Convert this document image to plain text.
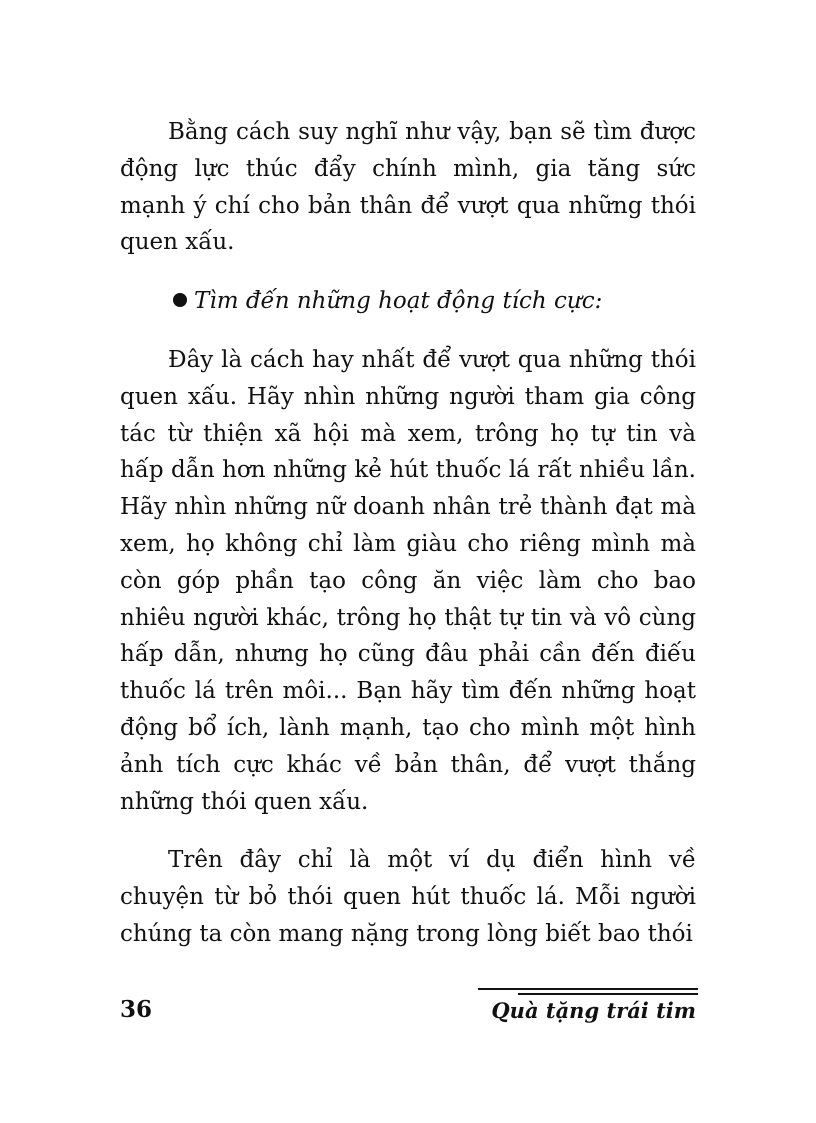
Bằng cách suy nghĩ như vậy, bạn sẽ tìm được động lực thúc đẩy chính mình, gia tăng sức mạnh ý chí cho bản thân để vượt qua những thói quen xấu.

Tìm đến những hoạt động tích cực:

Đây là cách hay nhất để vượt qua những thói quen xấu. Hãy nhìn những người tham gia công tác từ thiện xã hội mà xem, trông họ tự tin và hấp dẫn hơn những kẻ hút thuốc lá rất nhiều lần. Hãy nhìn những nữ doanh nhân trẻ thành đạt mà xem, họ không chỉ làm giàu cho riêng mình mà còn góp phần tạo công ăn việc làm cho bao nhiêu người khác, trông họ thật tự tin và vô cùng hấp dẫn, nhưng họ cũng đâu phải cần đến điếu thuốc lá trên môi... Bạn hãy tìm đến những hoạt động bổ ích, lành mạnh, tạo cho mình một hình ảnh tích cực khác về bản thân, để vượt thắng những thói quen xấu.

Trên đây chỉ là một ví dụ điển hình về chuyện từ bỏ thói quen hút thuốc lá. Mỗi người chúng ta còn mang nặng trong lòng biết bao thói

36	Quà tặng trái tim
